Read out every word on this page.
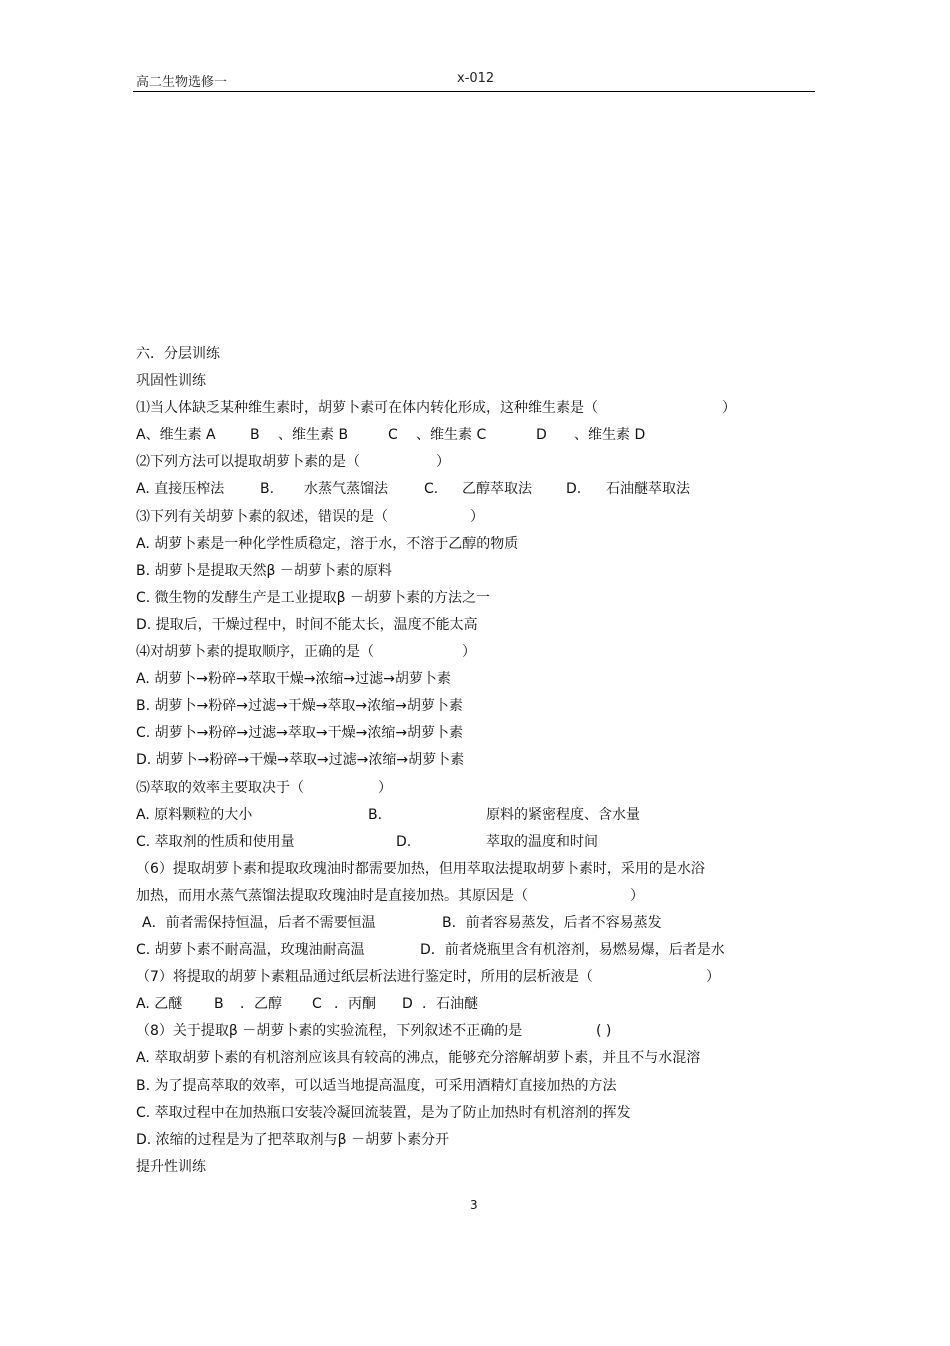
高二生物选修一	x-012
六．分层训练
巩固性训练
⑴当人体缺乏某种维生素时，胡萝卜素可在体内转化形成，这种维生素是（	）
A、维生素 A B 、维生素 B	C 、维生素 C	D 、维生素 D
⑵下列方法可以提取胡萝卜素的是（	）
A. 直接压榨法	B. 水蒸气蒸馏法	C. 乙醇萃取法 D. 石油醚萃取法
⑶下列有关胡萝卜素的叙述，错误的是（	）
A. 胡萝卜素是一种化学性质稳定，溶于水，不溶于乙醇的物质
B. 胡萝卜是提取天然β －胡萝卜素的原料
C. 微生物的发酵生产是工业提取β －胡萝卜素的方法之一
D. 提取后，干燥过程中，时间不能太长，温度不能太高
⑷对胡萝卜素的提取顺序，正确的是（	）
A. 胡萝卜→粉碎→萃取干燥→浓缩→过滤→胡萝卜素
B. 胡萝卜→粉碎→过滤→干燥→萃取→浓缩→胡萝卜素
C. 胡萝卜→粉碎→过滤→萃取→干燥→浓缩→胡萝卜素
D. 胡萝卜→粉碎→干燥→萃取→过滤→浓缩→胡萝卜素
⑸萃取的效率主要取决于（	）
A. 原料颗粒的大小	B.	原料的紧密程度、含水量
C. 萃取剂的性质和使用量	D.	萃取的温度和时间
（6）提取胡萝卜素和提取玫瑰油时都需要加热，但用萃取法提取胡萝卜素时，采用的是水浴
加热，而用水蒸气蒸馏法提取玫瑰油时是直接加热。其原因是（	）
A．前者需保持恒温，后者不需要恒温	B．前者容易蒸发，后者不容易蒸发
C. 胡萝卜素不耐高温，玫瑰油耐高温	D．前者烧瓶里含有机溶剂，易燃易爆，后者是水
（7）将提取的胡萝卜素粗品通过纸层析法进行鉴定时，所用的层析液是（	）
A. 乙醚 B ．乙醇 C ．丙酮 D ．石油醚
（8）关于提取β －胡萝卜素的实验流程，下列叙述不正确的是	( )
A. 萃取胡萝卜素的有机溶剂应该具有较高的沸点，能够充分溶解胡萝卜素，并且不与水混溶
B. 为了提高萃取的效率，可以适当地提高温度，可采用酒精灯直接加热的方法
C. 萃取过程中在加热瓶口安装冷凝回流装置，是为了防止加热时有机溶剂的挥发
D. 浓缩的过程是为了把萃取剂与β －胡萝卜素分开
提升性训练
3
